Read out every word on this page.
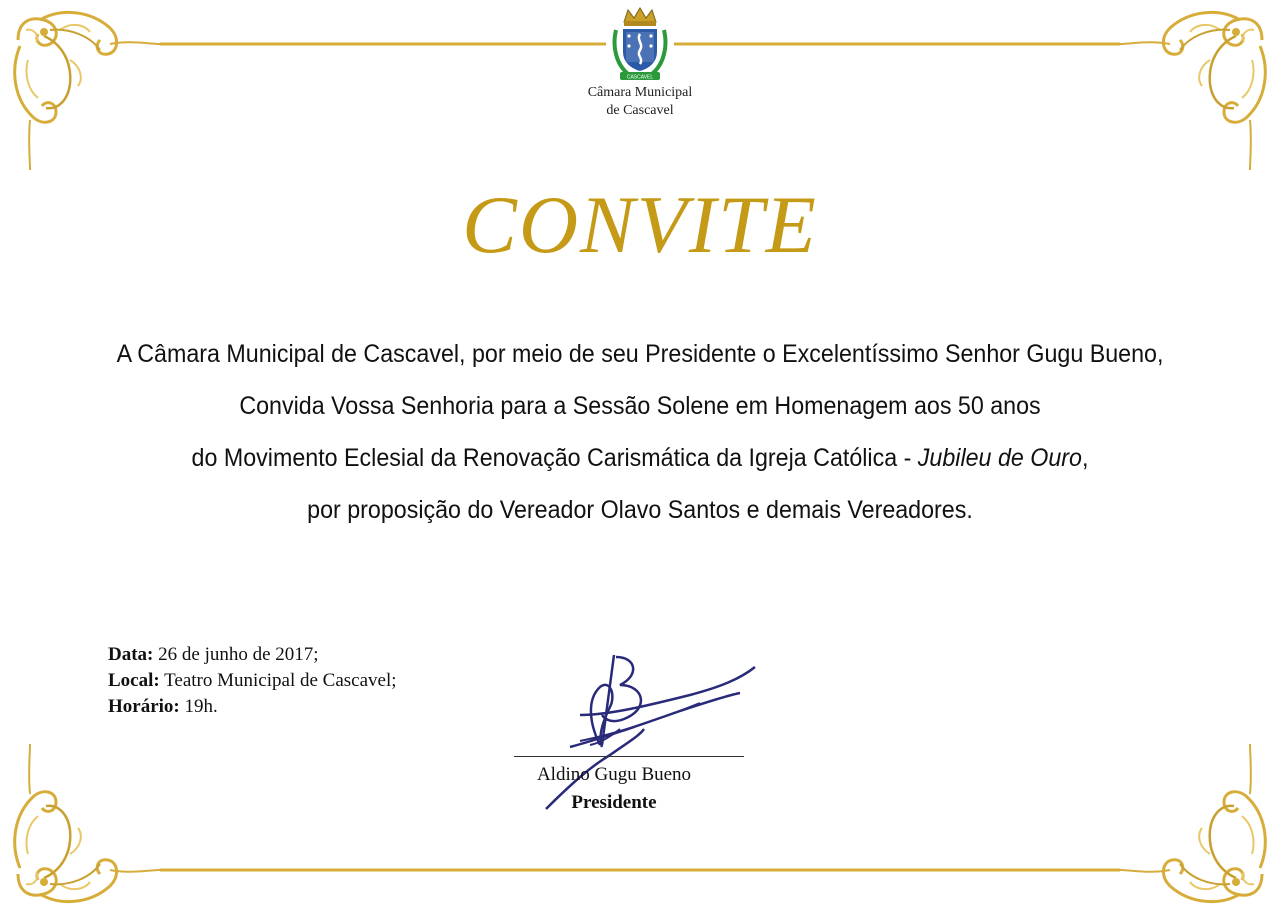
CASCAVEL
Câmara Municipal
de Cascavel
CONVITE

A Câmara Municipal de Cascavel, por meio de seu Presidente o Excelentíssimo Senhor Gugu Bueno,

Convida Vossa Senhoria para a Sessão Solene em Homenagem aos 50 anos

do Movimento Eclesial da Renovação Carismática da Igreja Católica - Jubileu de Ouro,

por proposição do Vereador Olavo Santos e demais Vereadores.

Data: 26 de junho de 2017;
Local: Teatro Municipal de Cascavel;
Horário: 19h.
Aldino Gugu Bueno
Presidente
